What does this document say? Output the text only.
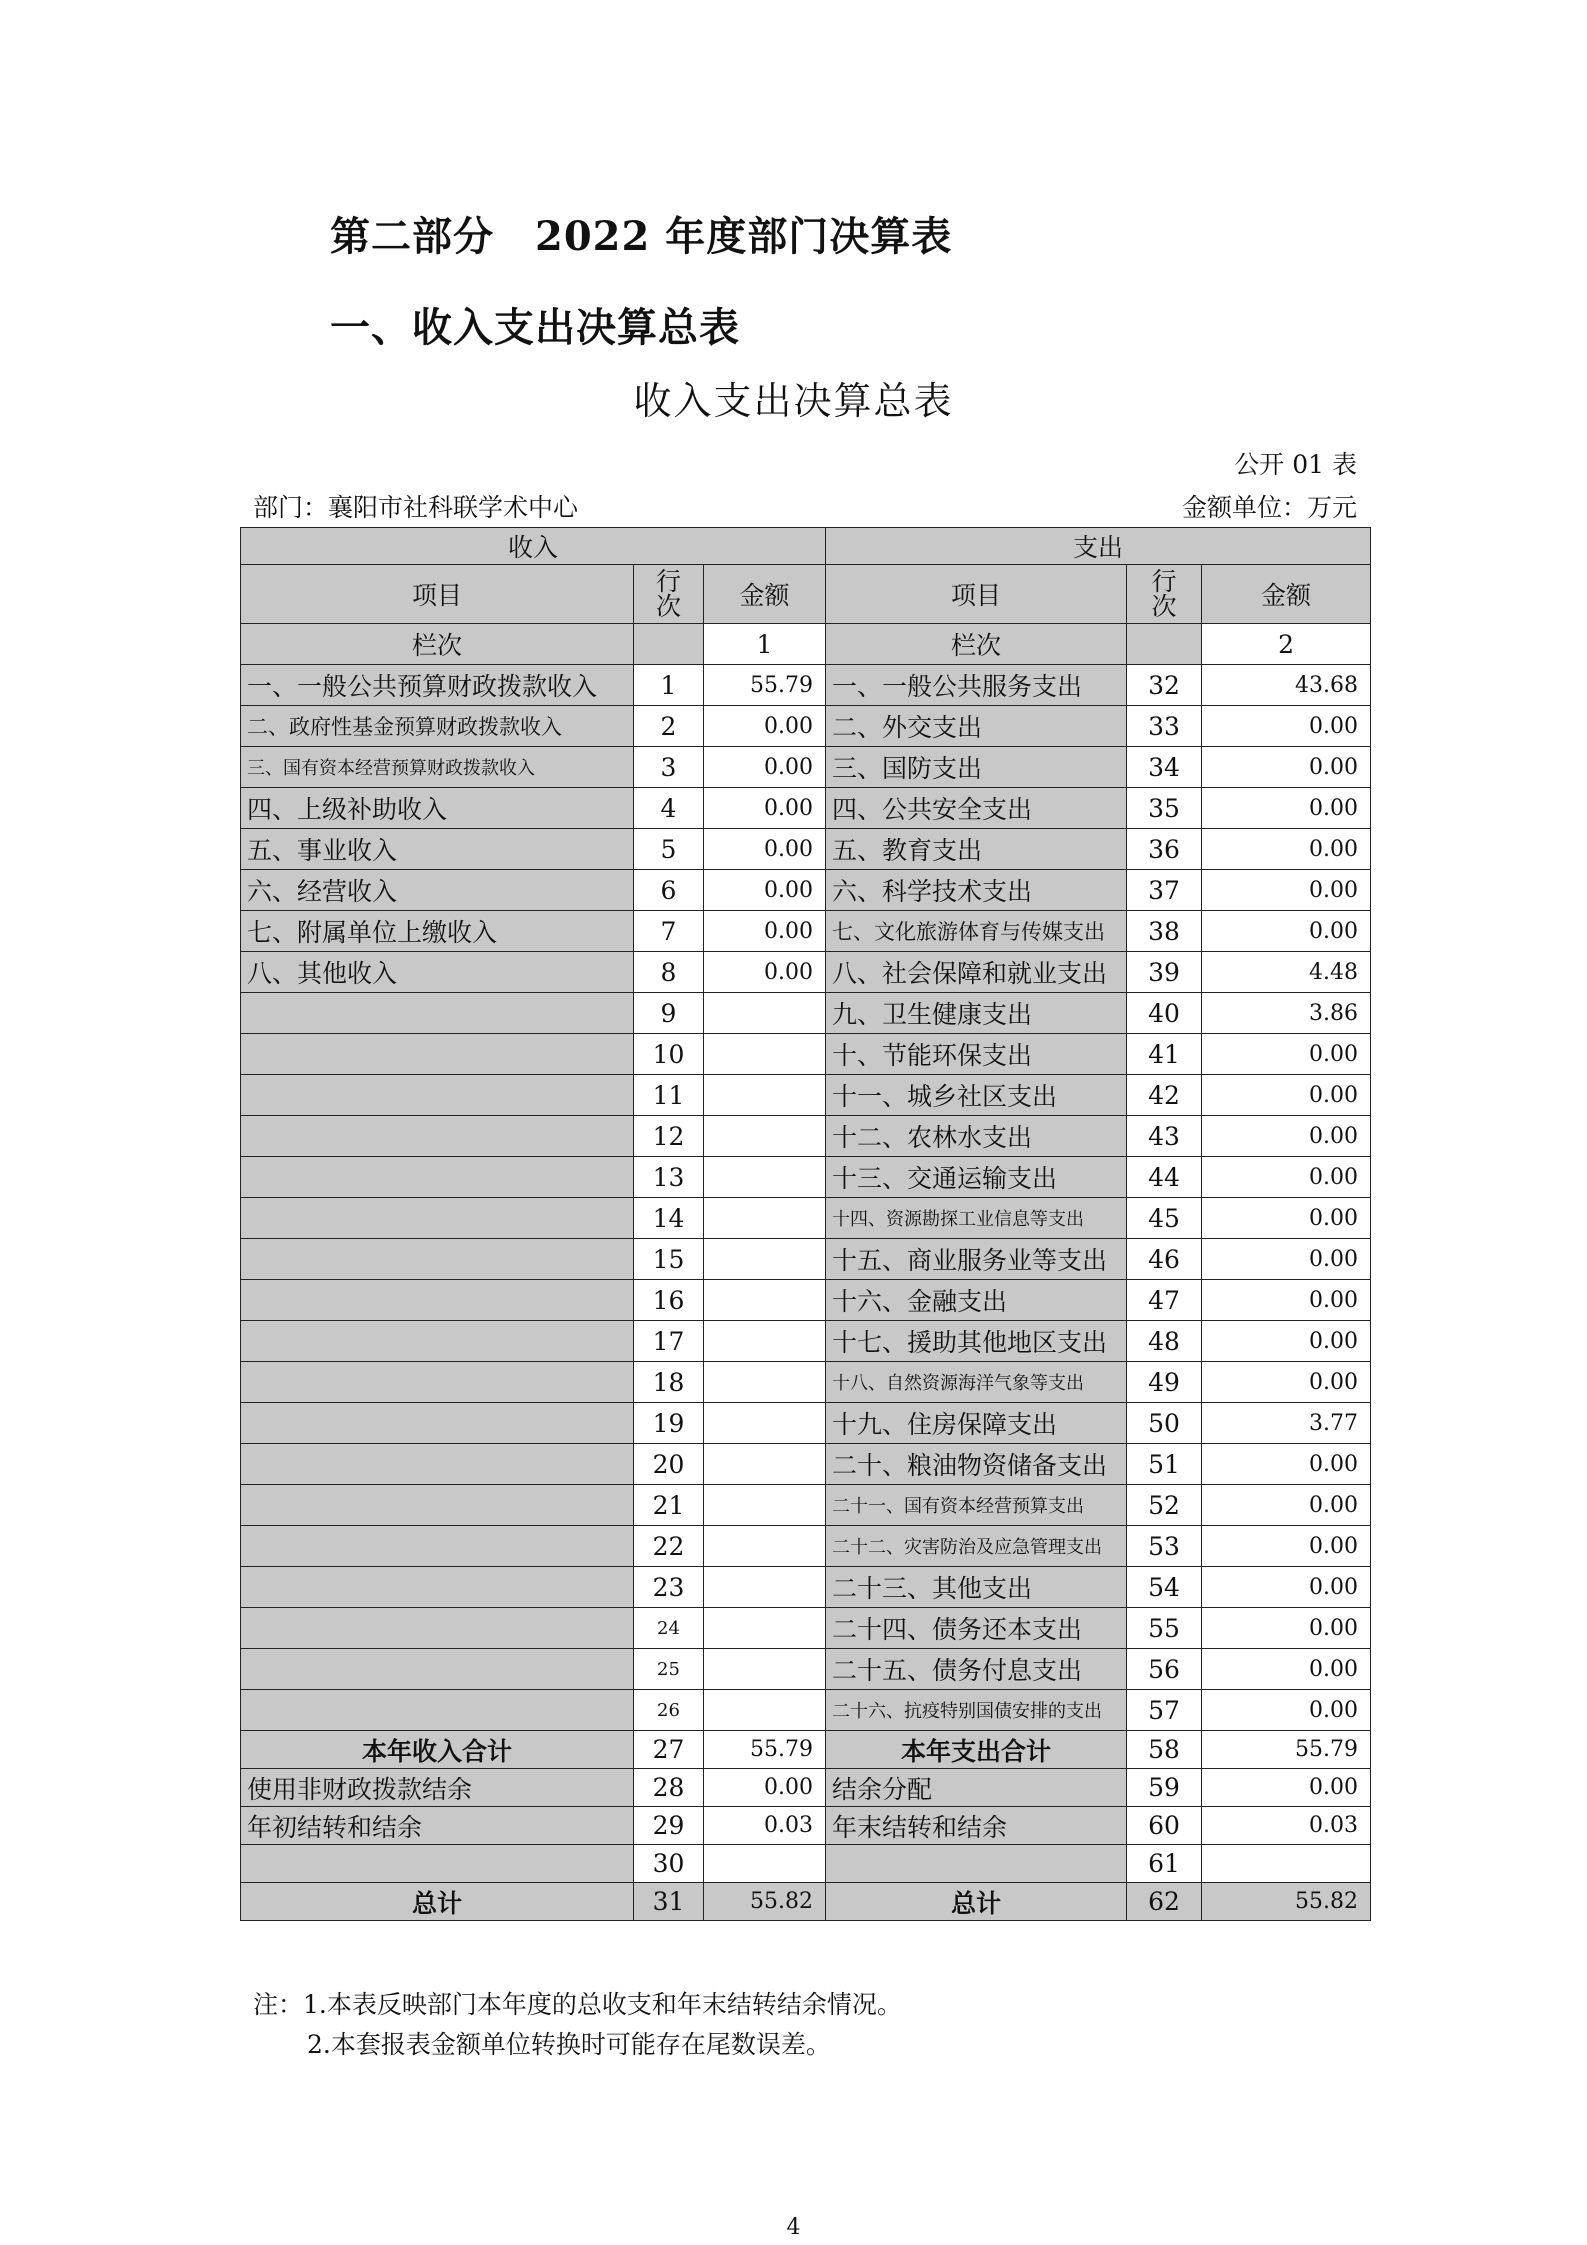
第二部分　2022 年度部门决算表
一、收入支出决算总表
收入支出决算总表
公开 01 表
部门：襄阳市社科联学术中心	金额单位：万元
收入			支出		
项目	行次	金额	项目	行次	金额
栏次		1	栏次		2
一、一般公共预算财政拨款收入	1	55.79	一、一般公共服务支出	32	43.68
二、政府性基金预算财政拨款收入	2	0.00	二、外交支出	33	0.00
三、国有资本经营预算财政拨款收入	3	0.00	三、国防支出	34	0.00
四、上级补助收入	4	0.00	四、公共安全支出	35	0.00
五、事业收入	5	0.00	五、教育支出	36	0.00
六、经营收入	6	0.00	六、科学技术支出	37	0.00
七、附属单位上缴收入	7	0.00	七、文化旅游体育与传媒支出	38	0.00
八、其他收入	8	0.00	八、社会保障和就业支出	39	4.48
	9		九、卫生健康支出	40	3.86
	10		十、节能环保支出	41	0.00
	11		十一、城乡社区支出	42	0.00
	12		十二、农林水支出	43	0.00
	13		十三、交通运输支出	44	0.00
	14		十四、资源勘探工业信息等支出	45	0.00
	15		十五、商业服务业等支出	46	0.00
	16		十六、金融支出	47	0.00
	17		十七、援助其他地区支出	48	0.00
	18		十八、自然资源海洋气象等支出	49	0.00
	19		十九、住房保障支出	50	3.77
	20		二十、粮油物资储备支出	51	0.00
	21		二十一、国有资本经营预算支出	52	0.00
	22		二十二、灾害防治及应急管理支出	53	0.00
	23		二十三、其他支出	54	0.00
	24		二十四、债务还本支出	55	0.00
	25		二十五、债务付息支出	56	0.00
	26		二十六、抗疫特别国债安排的支出	57	0.00
本年收入合计	27	55.79	本年支出合计	58	55.79
使用非财政拨款结余	28	0.00	结余分配	59	0.00
年初结转和结余	29	0.03	年末结转和结余	60	0.03
	30			61	
总计	31	55.82	总计	62	55.82
注：1.本表反映部门本年度的总收支和年末结转结余情况。
2.本套报表金额单位转换时可能存在尾数误差。
4
